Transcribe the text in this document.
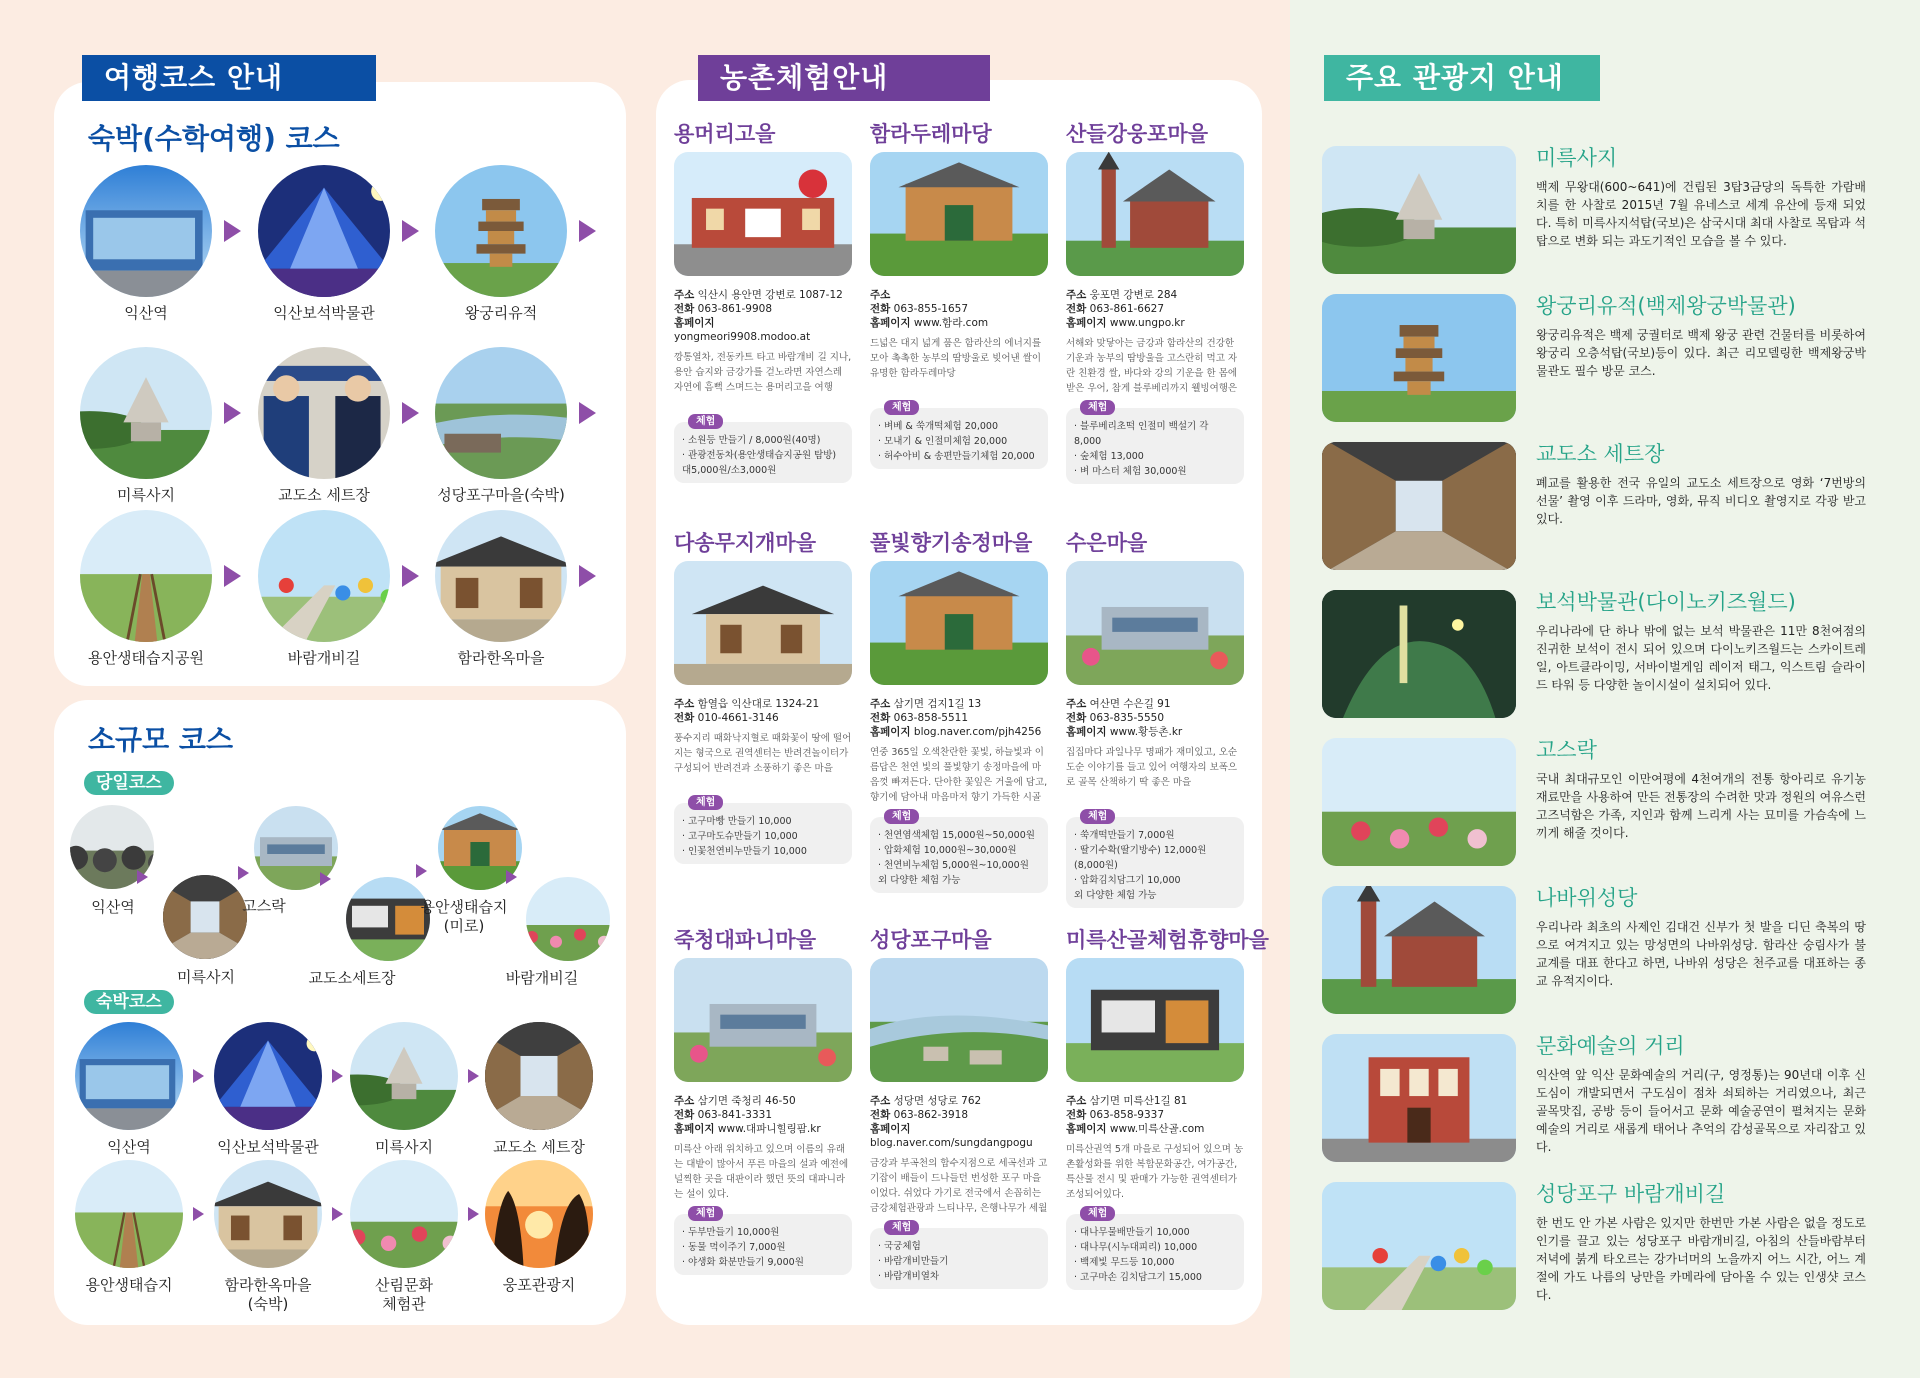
여행코스 안내
숙박(수학여행) 코스
소규모 코스
당일코스
숙박코스
익산역	익산보석박물관	왕궁리유적
미륵사지	교도소 세트장	성당포구마을(숙박)
용안생태습지공원	바람개비길	함라한옥마을
익산역
미륵사지
고스락
교도소세트장
용안생태습지
(미로)
바람개비길
익산역	익산보석박물관	미륵사지	교도소 세트장
용안생태습지	함라한옥마을
(숙박)
산림문화
체험관
웅포관광지
농촌체험안내
용머리고을
주소 익산시 용안면 강변로 1087-12
전화 063-861-9908
홈페이지 yongmeori9908.modoo.at
깡통열차, 전동카트 타고 바람개비 길 지나, 용안 습지와 금강가를 걷노라면 자연스레 자연에 흠뻑 스며드는 용머리고을 여행
체험
· 소원등 만들기 / 8,000원(40명)
· 관광전동차(용안생태습지공원 탐방)
대5,000원/소3,000원
함라두레마당
주소
전화 063-855-1657
홈페이지 www.함라.com
드넓은 대지 넓게 품은 함라산의 에너지를 모아 촉촉한 농부의 땀방울로 빚어낸 쌀이 유명한 함라두레마당
체험
· 벼베 & 쑥개떡체험 20,000
· 모내기 & 인절미체험 20,000
· 허수아비 & 송편만들기체험 20,000
산들강웅포마을
주소 웅포면 강변로 284
전화 063-861-6627
홈페이지 www.ungpo.kr
서해와 맞닿아는 금강과 함라산의 건강한 기운과 농부의 땀방울을 고스란히 먹고 자란 친환경 쌀, 바다와 강의 기운을 한 몸에 받은 우어, 참게 블루베리까지 웰빙여행은
체험
· 블루베리초떡 인절미 백설기 각 8,000
· 숲체험 13,000
· 벼 마스터 체험 30,000원
다송무지개마을
주소 함열읍 익산대로 1324-21
전화 010-4661-3146
풍수지리 때화낙지혈로 때화꽃이 땅에 떨어지는 형국으로 권역센터는 반려견놀이터가 구성되어 반려견과 소풍하기 좋은 마을
체험
· 고구마빵 만들기 10,000
· 고구마도슈만들기 10,000
· 인꽃천연비누만들기 10,000
풀빛향기송정마을
주소 삼기면 검지1길 13
전화 063-858-5511
홈페이지 blog.naver.com/pjh4256
연중 365일 오색찬란한 꽃빛, 하늘빛과 이름답은 천연 빛의 풀빛향기 송정마을에 마음껏 빠져든다. 단아한 꽃잎은 거울에 담고, 향기에 담아내 마음마저 향기 가득한 시골
체험
· 천연염색체험 15,000원~50,000원
· 압화체험 10,000원~30,000원
· 천연비누체험 5,000원~10,000원
외 다양한 체험 가능
수은마을
주소 여산면 수은길 91
전화 063-835-5550
홈페이지 www.황등촌.kr
집집마다 과일나무 명패가 재미있고, 오순도순 이야기를 들고 있어 여행자의 보폭으로 골목 산책하기 딱 좋은 마을
체험
· 쑥개떡만들기 7,000원
· 딸기수확(딸기방수) 12,000원(8,000원)
· 압화김치담그기 10,000
외 다양한 체험 가능
죽청대파니마을
주소 삼기면 죽청리 46-50
전화 063-841-3331
홈페이지 www.대파니힐링팜.kr
미륵산 아래 위치하고 있으며 이름의 유래는 대밭이 많아서 푸른 마을의 설과 예전에 널찍한 곳을 대판이라 했던 뜻의 대파니라는 설이 있다.
체험
· 두부만들기 10,000원
· 동물 먹이주기 7,000원
· 야생화 화분만들기 9,000원
성당포구마을
주소 성당면 성당로 762
전화 063-862-3918
홈페이지 blog.naver.com/sungdangpogu
금강과 부곡천의 합수지점으로 세곡선과 고기잡이 배들이 드나들던 번성한 포구 마을이었다. 쉬었다 가기로 전국에서 손꼽히는 금강체험관광과 느티나무, 은행나무가 세월
체험
· 국궁체험
· 바람개비만들기
· 바람개비열차
미륵산골체험휴향마을
주소 삼기면 미륵산1길 81
전화 063-858-9337
홈페이지 www.미륵산골.com
미륵산권역 5개 마을로 구성되어 있으며 농촌활성화를 위한 복합문화공간, 여가공간, 특산물 전시 및 판매가 가능한 권역센터가 조성되어있다.
체험
· 대나무물배만들기 10,000
· 대나무(시누대피리) 10,000
· 백제빛 무드등 10,000
· 고구마손 김치담그기 15,000
주요 관광지 안내
미륵사지
백제 무왕대(600~641)에 건립된 3탑3금당의 독특한 가람배치를 한 사찰로 2015년 7월 유네스코 세계 유산에 등재 되었다. 특히 미륵사지석탑(국보)은 삼국시대 최대 사찰로 목탑과 석탑으로 변화 되는 과도기적인 모습을 볼 수 있다.
왕궁리유적(백제왕궁박물관)
왕궁리유적은 백제 궁궐터로 백제 왕궁 관련 건물터를 비롯하여 왕궁리 오층석탑(국보)등이 있다. 최근 리모델링한 백제왕궁박물관도 필수 방문 코스.
교도소 세트장
폐교를 활용한 전국 유일의 교도소 세트장으로 영화 ‘7번방의 선물’ 촬영 이후 드라마, 영화, 뮤직 비디오 촬영지로 각광 받고 있다.
보석박물관(다이노키즈월드)
우리나라에 단 하나 밖에 없는 보석 박물관은 11만 8천여점의 진귀한 보석이 전시 되어 있으며 다이노키즈월드는 스카이트레일, 아트클라이밍, 서바이벌게임 레이저 태그, 익스트림 슬라이드 타워 등 다양한 놀이시설이 설치되어 있다.
고스락
국내 최대규모인 이만여평에 4천여개의 전통 항아리로 유기농 재료만을 사용하여 만든 전통장의 수려한 맛과 정원의 여유스런 고즈넉함은 가족, 지인과 함께 느리게 사는 묘미를 가슴속에 느끼게 해줄 것이다.
나바위성당
우리나라 최초의 사제인 김대건 신부가 첫 발을 디딘 축복의 땅으로 여겨지고 있는 망성면의 나바위성당. 함라산 숭림사가 불교계를 대표 한다고 하면, 나바위 성당은 천주교를 대표하는 종교 유적지이다.
문화예술의 거리
익산역 앞 익산 문화예술의 거리(구, 영정통)는 90년대 이후 신도심이 개발되면서 구도심이 점차 쇠퇴하는 거리였으나, 최근 골목맛집, 공방 등이 들어서고 문화 예술공연이 펼쳐지는 문화예술의 거리로 새롭게 태어나 추억의 감성골목으로 자리잡고 있다.
성당포구 바람개비길
한 번도 안 가본 사람은 있지만 한번만 가본 사람은 없을 정도로 인기를 끌고 있는 성당포구 바람개비길, 아침의 산들바람부터 저녁에 붉게 타오르는 강가너머의 노을까지 어느 시간, 어느 계절에 가도 나름의 낭만을 카메라에 담아올 수 있는 인생샷 코스다.
